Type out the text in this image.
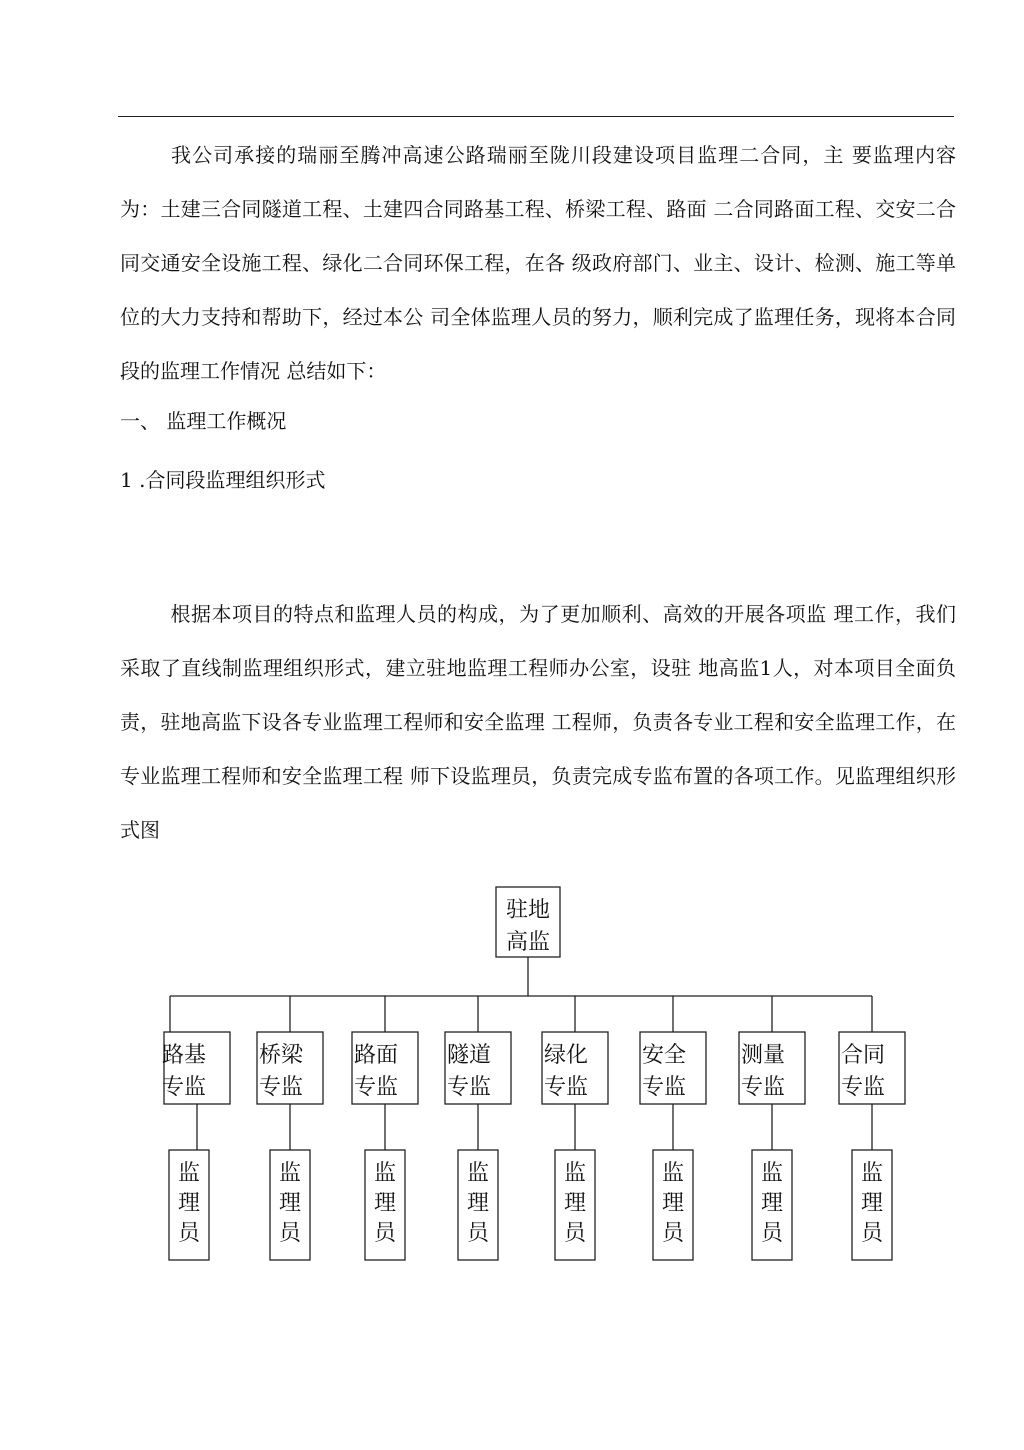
我公司承接的瑞丽至腾冲高速公路瑞丽至陇川段建设项目监理二合同，主 要监理内容为：土建三合同隧道工程、土建四合同路基工程、桥梁工程、路面 二合同路面工程、交安二合同交通安全设施工程、绿化二合同环保工程，在各 级政府部门、业主、设计、检测、施工等单位的大力支持和帮助下，经过本公 司全体监理人员的努力，顺利完成了监理任务，现将本合同段的监理工作情况 总结如下：

一、 监理工作概况
1 .合同段监理组织形式

根据本项目的特点和监理人员的构成，为了更加顺利、高效的开展各项监 理工作，我们采取了直线制监理组织形式，建立驻地监理工程师办公室，设驻 地高监1人，对本项目全面负责，驻地高监下设各专业监理工程师和安全监理 工程师，负责各专业工程和安全监理工作，在专业监理工程师和安全监理工程 师下设监理员，负责完成专监布置的各项工作。见监理组织形式图

驻地
高监
路基
专监
监
理
员
桥梁
专监
监
理
员
路面
专监
监
理
员
隧道
专监
监
理
员
绿化
专监
监
理
员
安全
专监
监
理
员
测量
专监
监
理
员
合同
专监
监
理
员
